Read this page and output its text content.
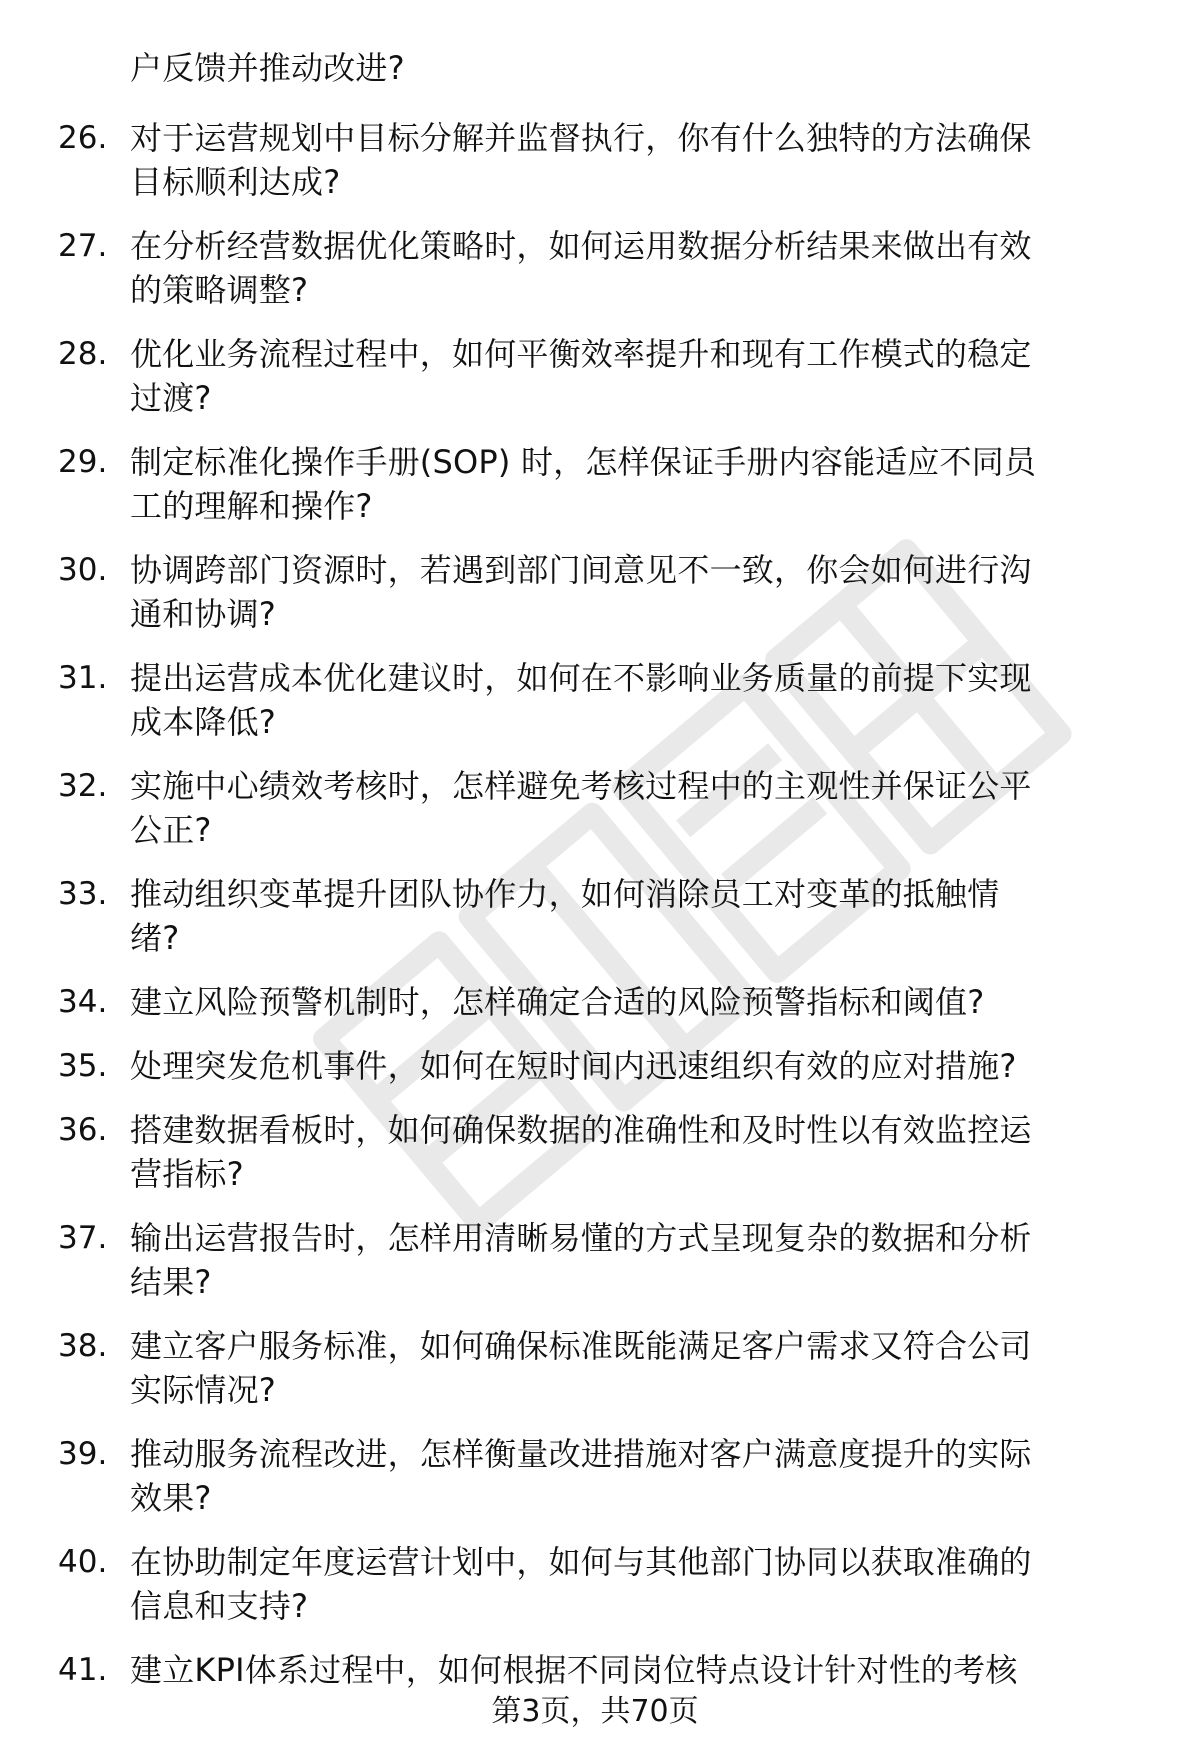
户反馈并推动改进?
26. 对于运营规划中目标分解并监督执行，你有什么独特的方法确保
目标顺利达成?
27. 在分析经营数据优化策略时，如何运用数据分析结果来做出有效
的策略调整?
28. 优化业务流程过程中，如何平衡效率提升和现有工作模式的稳定
过渡?
29. 制定标准化操作手册(SOP) 时，怎样保证手册内容能适应不同员
工的理解和操作?
30. 协调跨部门资源时，若遇到部门间意见不一致，你会如何进行沟
通和协调?
31. 提出运营成本优化建议时，如何在不影响业务质量的前提下实现
成本降低?
32. 实施中心绩效考核时，怎样避免考核过程中的主观性并保证公平
公正?
33. 推动组织变革提升团队协作力，如何消除员工对变革的抵触情
绪?
34. 建立风险预警机制时，怎样确定合适的风险预警指标和阈值?
35. 处理突发危机事件，如何在短时间内迅速组织有效的应对措施?
36. 搭建数据看板时，如何确保数据的准确性和及时性以有效监控运
营指标?
37. 输出运营报告时，怎样用清晰易懂的方式呈现复杂的数据和分析
结果?
38. 建立客户服务标准，如何确保标准既能满足客户需求又符合公司
实际情况?
39. 推动服务流程改进，怎样衡量改进措施对客户满意度提升的实际
效果?
40. 在协助制定年度运营计划中，如何与其他部门协同以获取准确的
信息和支持?
41. 建立KPI体系过程中，如何根据不同岗位特点设计针对性的考核
第3页，共70页
